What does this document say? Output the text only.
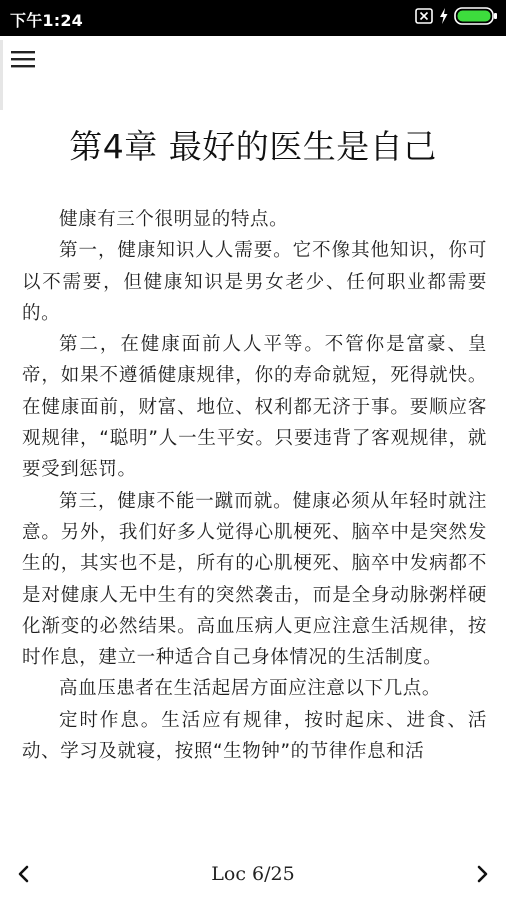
下午1:24
第4章 最好的医生是自己

健康有三个很明显的特点。

第一，健康知识人人需要。它不像其他知识，你可以不需要，但健康知识是男女老少、任何职业都需要的。

第二，在健康面前人人平等。不管你是富豪、皇帝，如果不遵循健康规律，你的寿命就短，死得就快。在健康面前，财富、地位、权利都无济于事。要顺应客观规律，“聪明”人一生平安。只要违背了客观规律，就要受到惩罚。

第三，健康不能一蹴而就。健康必须从年轻时就注意。另外，我们好多人觉得心肌梗死、脑卒中是突然发生的，其实也不是，所有的心肌梗死、脑卒中发病都不是对健康人无中生有的突然袭击，而是全身动脉粥样硬化渐变的必然结果。高血压病人更应注意生活规律，按时作息，建立一种适合自己身体情况的生活制度。

高血压患者在生活起居方面应注意以下几点。

定时作息。生活应有规律，按时起床、进食、活动、学习及就寝，按照“生物钟”的节律作息和活

Loc 6/25
